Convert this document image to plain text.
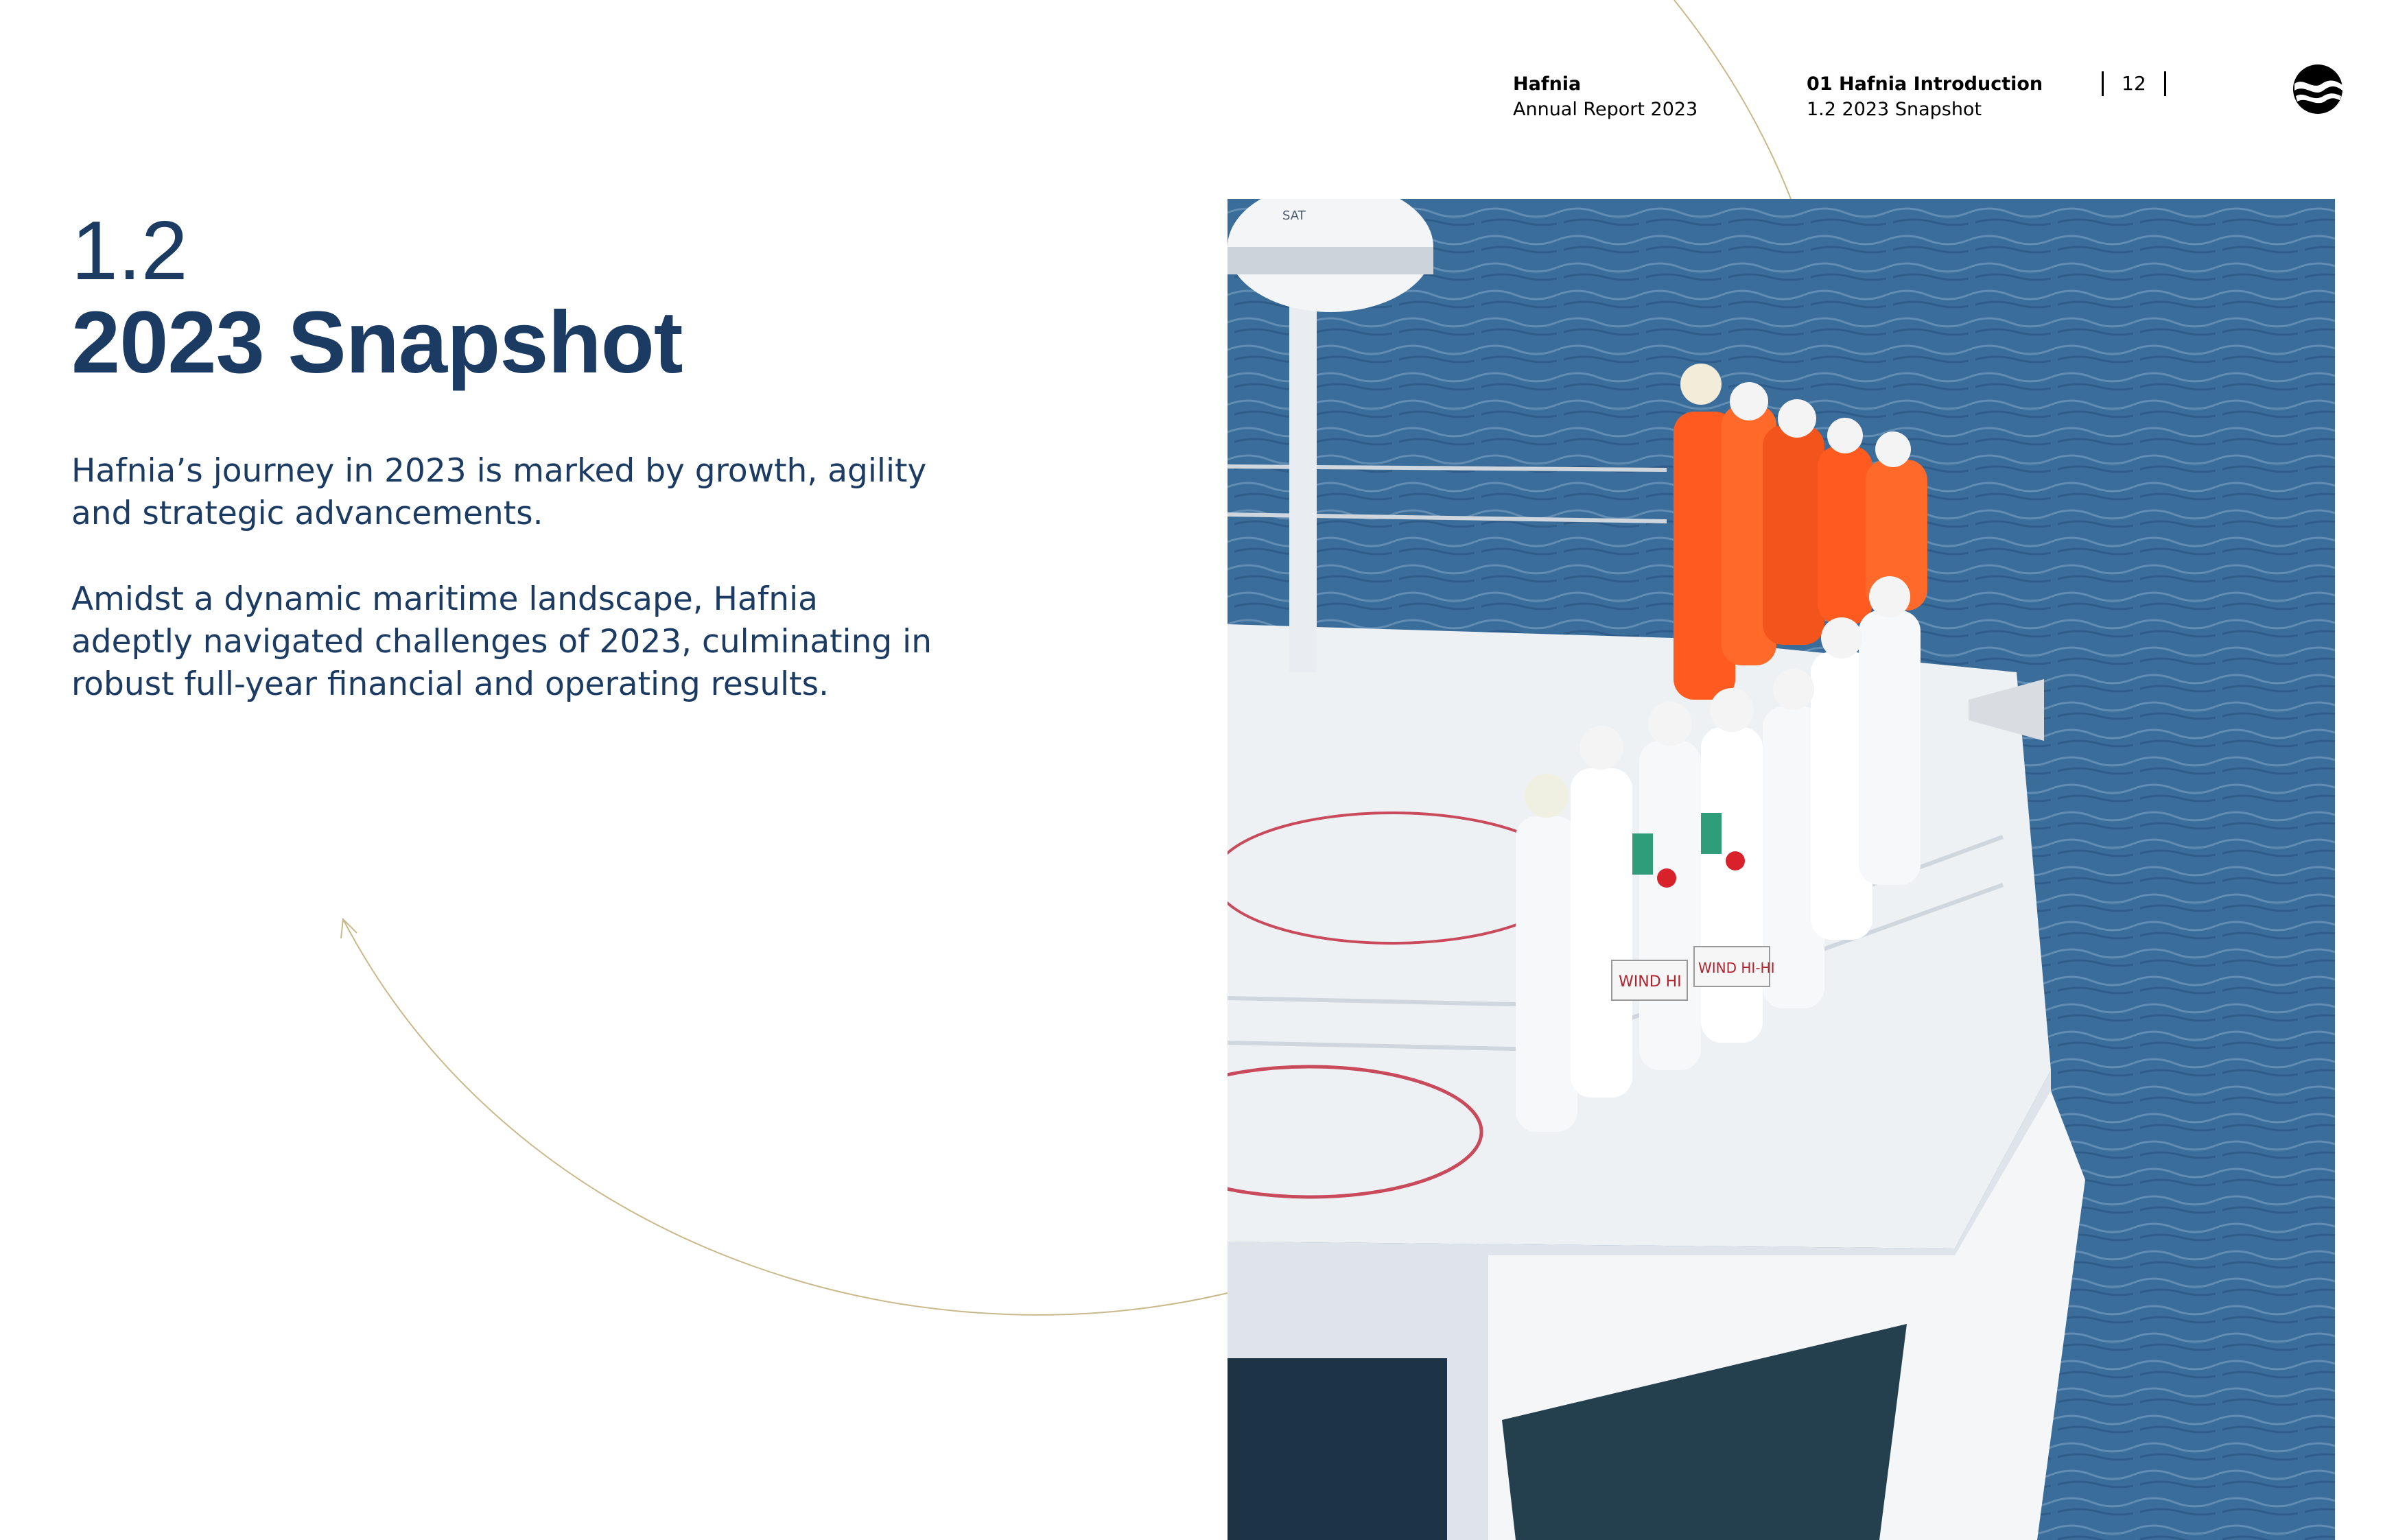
Hafnia
Annual Report 2023
01 Hafnia Introduction
1.2 2023 Snapshot
12
1.2
2023 Snapshot

Hafnia’s journey in 2023 is marked by growth, agility and strategic advancements.

Amidst a dynamic maritime landscape, Hafnia adeptly navigated challenges of 2023, culminating in robust full-year financial and operating results.

SAT
WIND HI
WIND HI-HI
